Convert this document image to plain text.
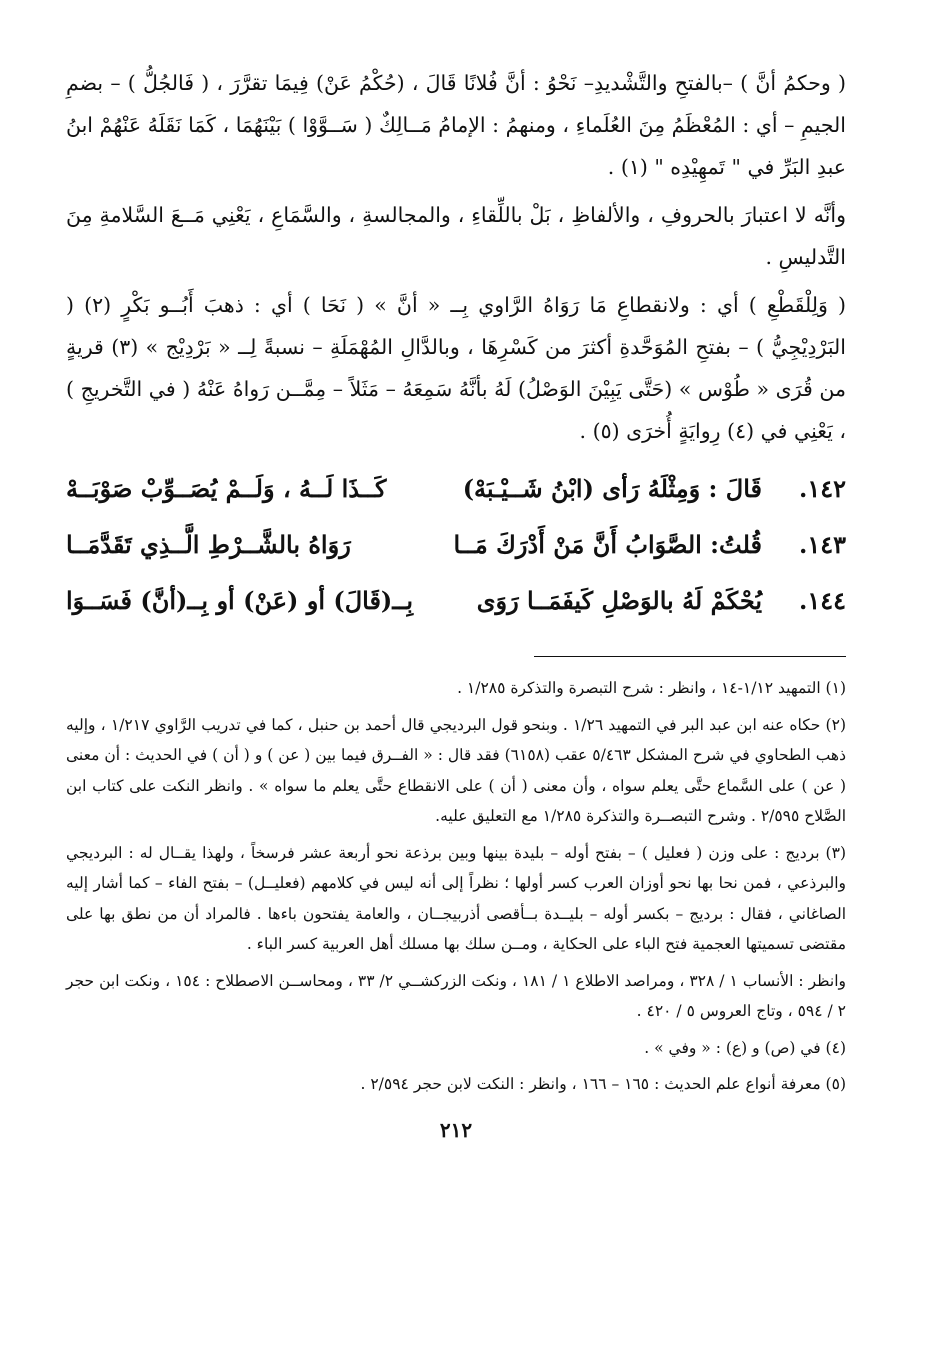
( وحكمُ أنَّ ) –بالفتحِ والتَّشْديدِ– نَحْوُ : أنَّ فُلانًا قَالَ ، (حُكْمُ عَنْ) فِيمَا تقرَّرَ ، ( فَالجُلُّ ) – بضمِ الجيمِ – أي : المُعْظَمُ مِنَ العُلَماءِ ، ومنهمُ : الإمامُ مَــالِكٌ ( سَــوَّوْا ) بَيْنَهُمَا ، كَمَا نَقَلَهُ عَنْهُمْ ابنُ عبدِ البَرِّ في " تَمهِيْدِه " (١) .

وأنَّه لا اعتبارَ بالحروفِ ، والألفاظِ ، بَلْ باللِّقاءِ ، والمجالسةِ ، والسَّمَاعِ ، يَعْنِي مَــعَ السَّلامةِ مِنَ التَّدليسِ .

( وَلِلْقَطْعِ ) أي : ولانقطاعِ مَا رَوَاهُ الرَّاوي بِــ « أنَّ » ( نَحَا ) أي : ذهبَ أَبُــو بَكْرٍ (٢) ( البَرْدِيْجِيُّ ) – بفتحِ المُوَحَّدةِ أكثرَ من كَسْرِهَا ، وبالدَّالِ المُهْمَلَةِ – نسبةً لِــ « بَرْدِيْج » (٣) قريةٍ من قُرَى « طُوْس » (حَتَّى يَبِيْنَ الوَصْلُ) لَهُ بأنَّهُ سَمِعَهُ – مَثَلاً – مِمَّــن رَواهُ عَنْهُ ( في التَّخريجِ ) ، يَعْنِي في (٤) رِوايَةٍ أُخرَى (٥) .

١٤٢.
قَالَ : وَمِثْلَهُ رَأى (ابْنُ شَــيْـبَهْ)
كَــذَا لَــهُ ، وَلَــمْ يُصَــوِّبْ صَوْبَــهْ
١٤٣.
قُلتُ: الصَّوَابُ أَنَّ مَنْ أَدْرَكَ مَــا
رَوَاهُ بالشَّــرْطِ الَّــذِي تَقَدَّمَــا
١٤٤.
يُحْكَمْ لَهُ بالوَصْلِ كَيفَمَــا رَوَى
بِــ(قَالَ) أو (عَنْ) أو بِــ(أنَّ) فَسَــوَا

(١) التمهيد ١/١٢-١٤ ، وانظر : شرح التبصرة والتذكرة ١/٢٨٥ .

(٢) حكاه عنه ابن عبد البر في التمهيد ١/٢٦ . وبنحو قول البرديجي قال أحمد بن حنبل ، كما في تدريب الرَّاوي ١/٢١٧ ، وإليه ذهب الطحاوي في شرح المشكل ٥/٤٦٣ عقب (٦١٥٨) فقد قال : « الفــرق فيما بين ( عن ) و ( أن ) في الحديث : أن معنى ( عن ) على السَّماع حتَّى يعلم سواه ، وأن معنى ( أن ) على الانقطاع حتَّى يعلم ما سواه » . وانظر النكت على كتاب ابن الصَّلاح ٢/٥٩٥ . وشرح التبصــرة والتذكرة ١/٢٨٥ مع التعليق عليه.

(٣) برديج : على وزن ( فعليل ) – بفتح أوله – بليدة بينها وبين برذعة نحو أربعة عشر فرسخاً ، ولهذا يقــال له : البرديجي والبرذعي ، فمن نحا بها نحو أوزان العرب كسر أولها ؛ نظراً إلى أنه ليس في كلامهم (فعليــل) – بفتح الفاء – كما أشار إليه الصاغاني ، فقال : برديج – بكسر أوله – بليــدة بــأقصى أذربيجــان ، والعامة يفتحون باءها . فالمراد أن من نطق بها على مقتضى تسميتها العجمية فتح الباء على الحكاية ، ومــن سلك بها مسلك أهل العربية كسر الباء .

وانظر : الأنساب ١ / ٣٢٨ ، ومراصد الاطلاع ١ / ١٨١ ، ونكت الزركشــي ٢/ ٣٣ ، ومحاســن الاصطلاح : ١٥٤ ، ونكت ابن حجر ٢ / ٥٩٤ ، وتاج العروس ٥ / ٤٢٠ .

(٤) في (ص) و (ع) : « وفي » .

(٥) معرفة أنواع علم الحديث : ١٦٥ – ١٦٦ ، وانظر : النكت لابن حجر ٢/٥٩٤ .

٢١٢
